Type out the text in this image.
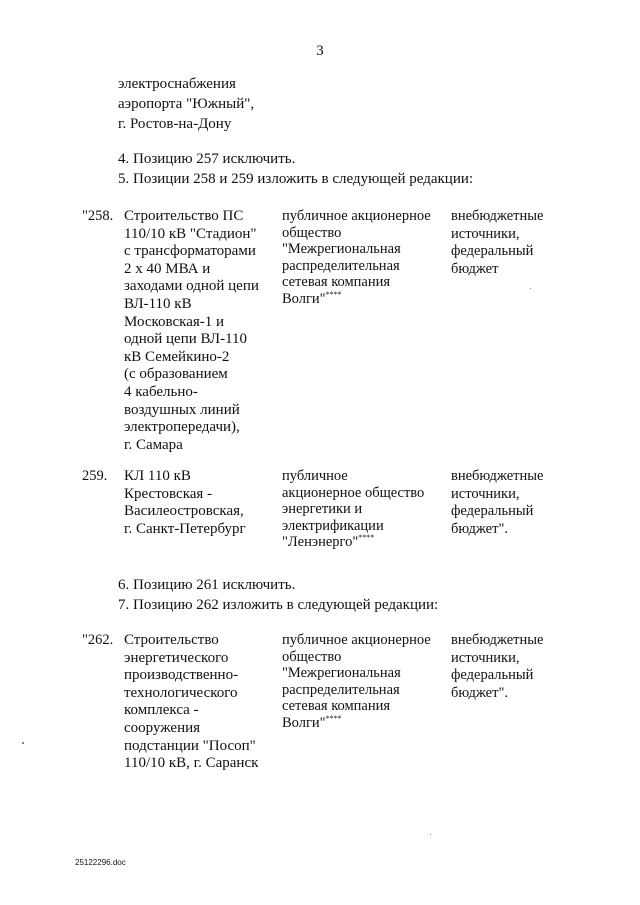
3
электроснабжения
аэропорта "Южный",
г. Ростов-на-Дону
4. Позицию 257 исключить.
5. Позиции 258 и 259 изложить в следующей редакции:
"258. Строительство ПС
110/10 кВ "Стадион"
с трансформаторами
2 х 40 МВА и
заходами одной цепи
ВЛ-110 кВ
Московская-1 и
одной цепи ВЛ-110
кВ Семейкино-2
(с образованием
4 кабельно-
воздушных линий
электропередачи),
г. Самара
публичное акционерное
общество
"Межрегиональная
распределительная
сетевая компания
Волги"****
внебюджетные
источники,
федеральный
бюджет
259. КЛ 110 кВ
Крестовская -
Василеостровская,
г. Санкт-Петербург
публичное
акционерное общество
энергетики и
электрификации
"Ленэнерго"****
внебюджетные
источники,
федеральный
бюджет".
6. Позицию 261 исключить.
7. Позицию 262 изложить в следующей редакции:
"262. Строительство
энергетического
производственно-
технологического
комплекса -
сооружения
подстанции "Посоп"
110/10 кВ, г. Саранск
публичное акционерное
общество
"Межрегиональная
распределительная
сетевая компания
Волги"****
внебюджетные
источники,
федеральный
бюджет".
25122296.doc
